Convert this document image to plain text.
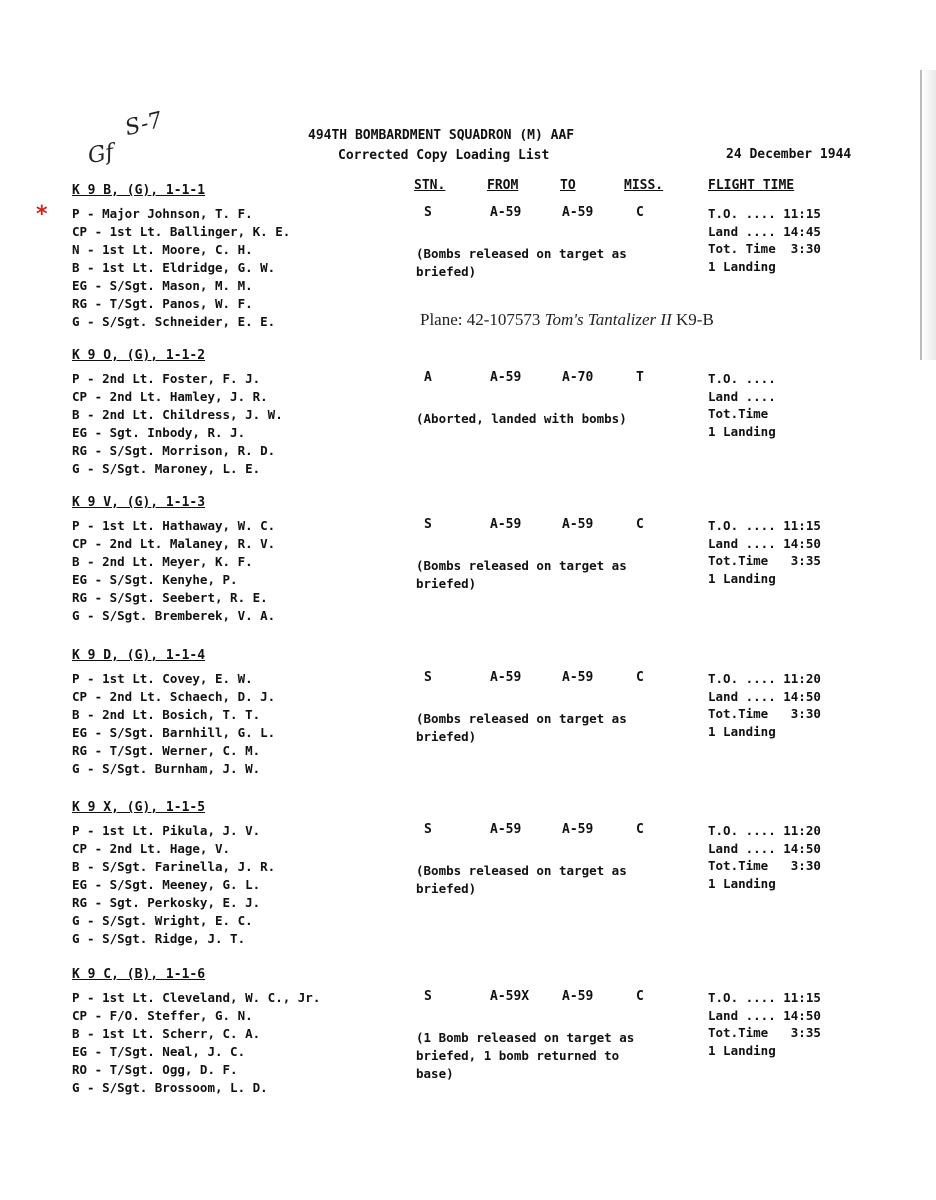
S-7
Gf
494TH BOMBARDMENT SQUADRON (M) AAF
Corrected Copy Loading List	24 December 1944
STN.	FROM	TO	MISS.	FLIGHT TIME
*
Plane: 42-107573 Tom's Tantalizer II K9-B
K 9 B, (G), 1-1-1
P - Major Johnson, T. F.
CP - 1st Lt. Ballinger, K. E.
N - 1st Lt. Moore, C. H.
B - 1st Lt. Eldridge, G. W.
EG - S/Sgt. Mason, M. M.
RG - T/Sgt. Panos, W. F.
G - S/Sgt. Schneider, E. E.
S	A-59	A-59	C
(Bombs released on target as
briefed)
T.O. .... 11:15
Land .... 14:45
Tot. Time  3:30
1 Landing
K 9 O, (G), 1-1-2
P - 2nd Lt. Foster, F. J.
CP - 2nd Lt. Hamley, J. R.
B - 2nd Lt. Childress, J. W.
EG - Sgt. Inbody, R. J.
RG - S/Sgt. Morrison, R. D.
G - S/Sgt. Maroney, L. E.
A	A-59	A-70	T
(Aborted, landed with bombs)
T.O. ....
Land ....
Tot.Time
1 Landing
K 9 V, (G), 1-1-3
P - 1st Lt. Hathaway, W. C.
CP - 2nd Lt. Malaney, R. V.
B - 2nd Lt. Meyer, K. F.
EG - S/Sgt. Kenyhe, P.
RG - S/Sgt. Seebert, R. E.
G - S/Sgt. Bremberek, V. A.
S	A-59	A-59	C
(Bombs released on target as
briefed)
T.O. .... 11:15
Land .... 14:50
Tot.Time   3:35
1 Landing
K 9 D, (G), 1-1-4
P - 1st Lt. Covey, E. W.
CP - 2nd Lt. Schaech, D. J.
B - 2nd Lt. Bosich, T. T.
EG - S/Sgt. Barnhill, G. L.
RG - T/Sgt. Werner, C. M.
G - S/Sgt. Burnham, J. W.
S	A-59	A-59	C
(Bombs released on target as
briefed)
T.O. .... 11:20
Land .... 14:50
Tot.Time   3:30
1 Landing
K 9 X, (G), 1-1-5
P - 1st Lt. Pikula, J. V.
CP - 2nd Lt. Hage, V.
B - S/Sgt. Farinella, J. R.
EG - S/Sgt. Meeney, G. L.
RG - Sgt. Perkosky, E. J.
G - S/Sgt. Wright, E. C.
G - S/Sgt. Ridge, J. T.
S	A-59	A-59	C
(Bombs released on target as
briefed)
T.O. .... 11:20
Land .... 14:50
Tot.Time   3:30
1 Landing
K 9 C, (B), 1-1-6
P - 1st Lt. Cleveland, W. C., Jr.
CP - F/O. Steffer, G. N.
B - 1st Lt. Scherr, C. A.
EG - T/Sgt. Neal, J. C.
RO - T/Sgt. Ogg, D. F.
G - S/Sgt. Brossoom, L. D.
S	A-59X	A-59	C
(1 Bomb released on target as
briefed, 1 bomb returned to
base)
T.O. .... 11:15
Land .... 14:50
Tot.Time   3:35
1 Landing
